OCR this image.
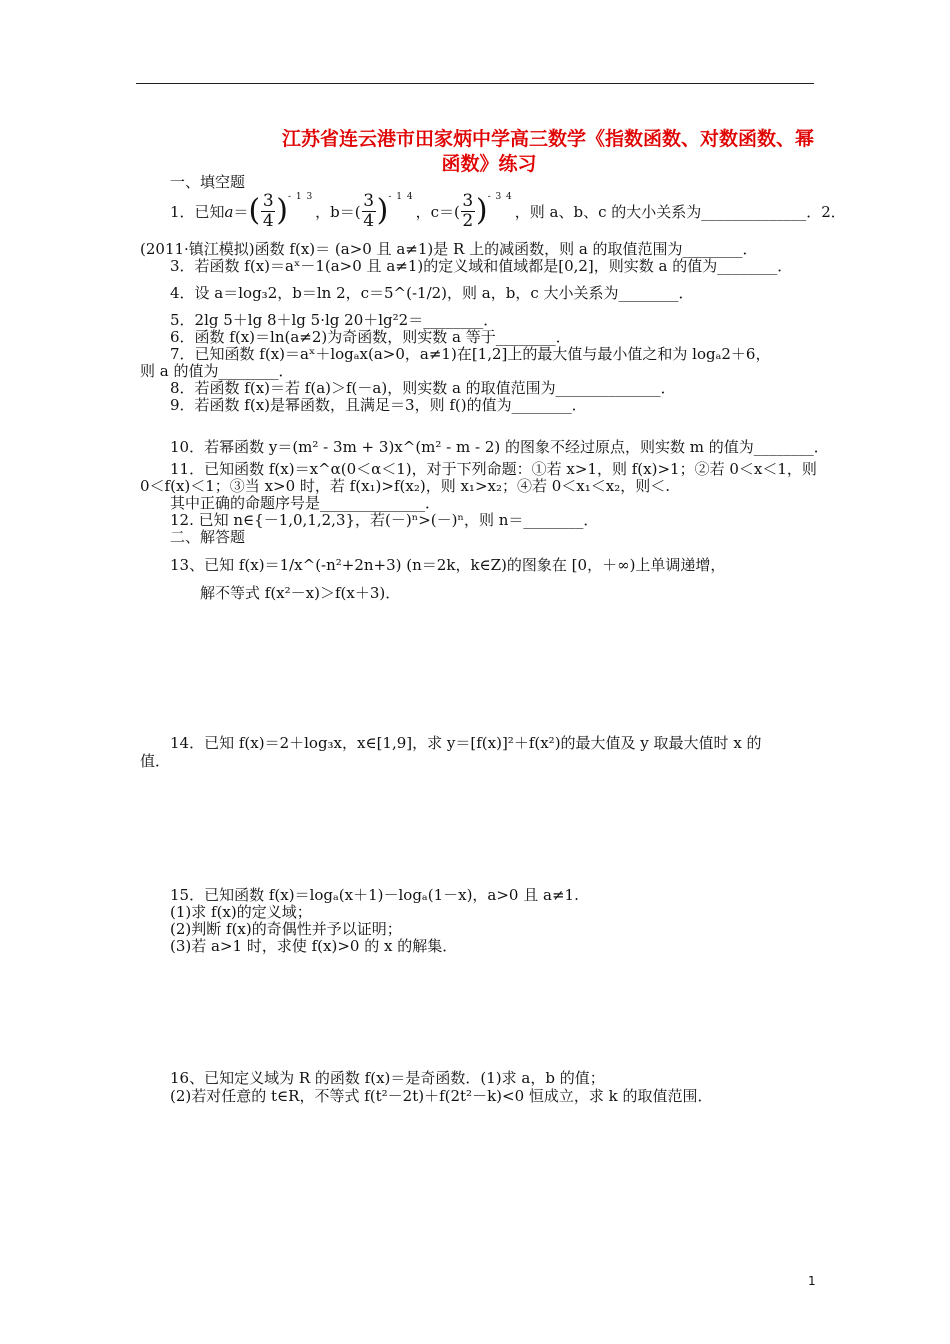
江苏省连云港市田家炳中学高三数学《指数函数、对数函数、幂
函数》练习
一、填空题
1．已知 a＝ ( $\frac{3}{4}$ ) - 1 3
，$b=( \frac{3}{4}$ ) - 1 4
，$c=( \frac{3}{2}$ ) - 3 4
，则 a、b、c 的大小关系为______________．2．
(2011·镇江模拟)函数 f(x)＝ (a>0 且 a≠1)是 R 上的减函数，则 a 的取值范围为________．
3．若函数 f(x)＝aˣ－1(a>0 且 a≠1)的定义域和值域都是[0,2]，则实数 a 的值为________．
4．设 a＝log₃2，b＝ln 2，c＝5^(-1/2)，则 a，b，c 大小关系为________．
5．2lg 5＋lg 8＋lg 5·lg 20＋lg²2＝________．
6．函数 f(x)＝ln(a≠2)为奇函数，则实数 a 等于________．
7．已知函数 f(x)＝aˣ＋logₐx(a>0，a≠1)在[1,2]上的最大值与最小值之和为 logₐ2＋6，
则 a 的值为________．
8．若函数 f(x)＝若 f(a)＞f(－a)，则实数 a 的取值范围为______________．
9．若函数 f(x)是幂函数，且满足＝3，则 f()的值为________．
10．若幂函数 y＝(m² - 3m + 3)x^(m² - m - 2) 的图象不经过原点，则实数 m 的值为________．
11．已知函数 f(x)＝x^α(0＜α＜1)，对于下列命题：①若 x>1，则 f(x)>1；②若 0＜x＜1，则
0＜f(x)＜1；③当 x>0 时，若 f(x₁)>f(x₂)，则 x₁>x₂；④若 0＜x₁＜x₂，则＜.
其中正确的命题序号是______________．
12. 已知 n∈{－1,0,1,2,3}，若(－)ⁿ>(－)ⁿ，则 n＝________．
二、解答题
13、已知 f(x)＝1/x^(-n²+2n+3) (n＝2k，k∈Z)的图象在 [0，＋∞)上单调递增，
解不等式 f(x²－x)＞f(x＋3)．
14．已知 f(x)＝2＋log₃x，x∈[1,9]，求 y＝[f(x)]²＋f(x²)的最大值及 y 取最大值时 x 的
值．
15．已知函数 f(x)＝logₐ(x＋1)－logₐ(1－x)，a>0 且 a≠1.
(1)求 f(x)的定义域；
(2)判断 f(x)的奇偶性并予以证明；
(3)若 a>1 时，求使 f(x)>0 的 x 的解集．
16、已知定义域为 R 的函数 f(x)＝是奇函数．(1)求 a，b 的值；
(2)若对任意的 t∈R，不等式 f(t²－2t)＋f(2t²－k)<0 恒成立，求 k 的取值范围．
1
